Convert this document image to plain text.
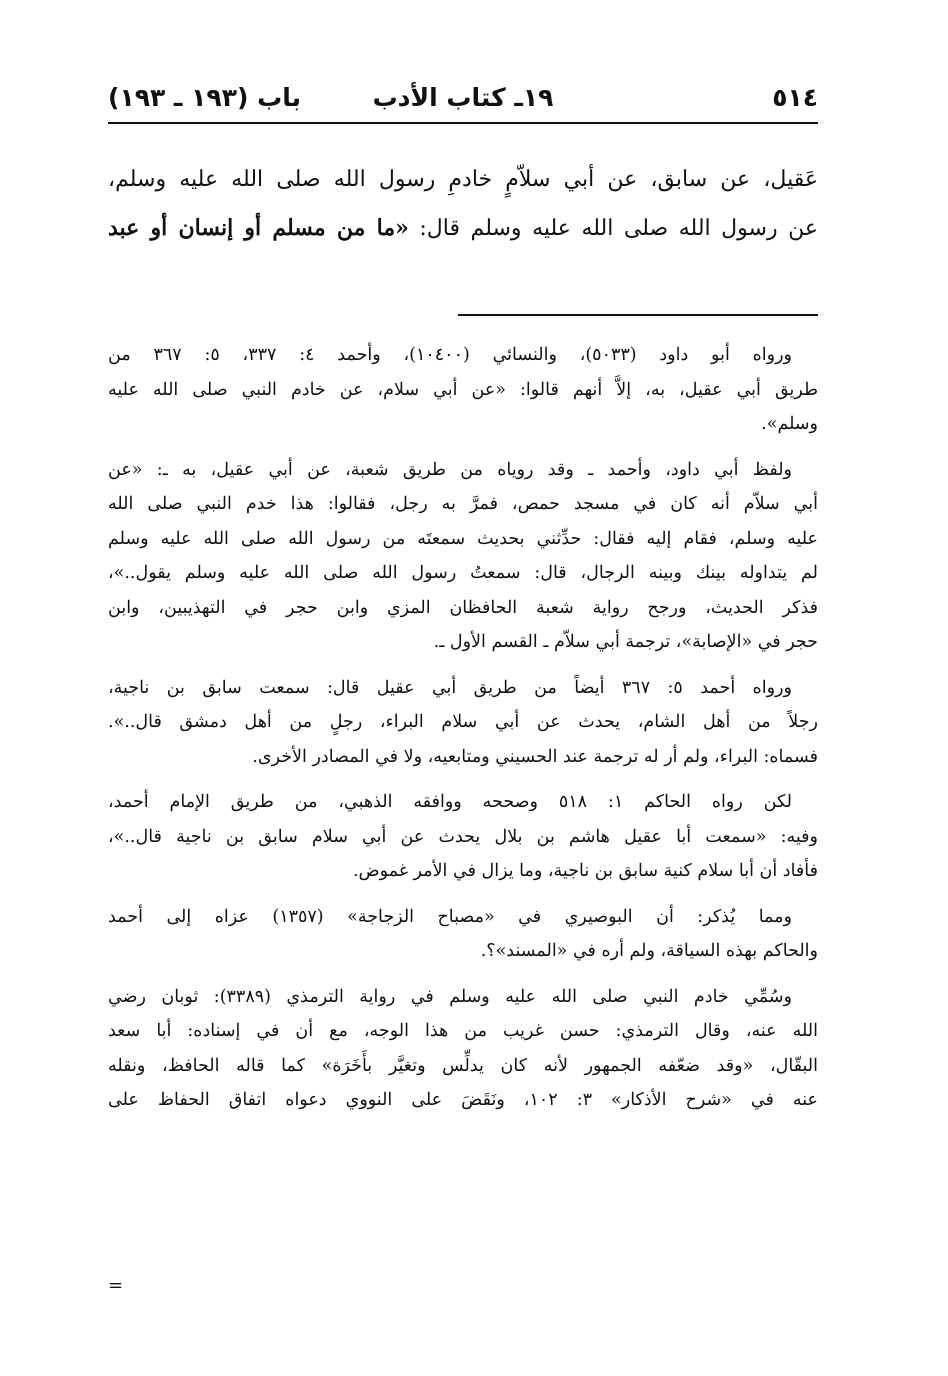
٥١٤
١٩ـ كتاب الأدب
باب (١٩٣ ـ ١٩٣)
عَقيل، عن سابق، عن أبي سلاّمٍ خادمِ رسول الله صلى الله عليه وسلم،
عن رسول الله صلى الله عليه وسلم قال: «ما من مسلم أو إنسان أو عبد
ورواه أبو داود (٥٠٣٣)، والنسائي (١٠٤٠٠)، وأحمد ٤: ٣٣٧، ٥: ٣٦٧ من
طريق أبي عقيل، به، إلاَّ أنهم قالوا: «عن أبي سلام، عن خادم النبي صلى الله عليه
وسلم».
ولفظ أبي داود، وأحمد ـ وقد روياه من طريق شعبة، عن أبي عقيل، به ـ: «عن
أبي سلاّم أنه كان في مسجد حمص، فمرَّ به رجل، فقالوا: هذا خدم النبي صلى الله
عليه وسلم، فقام إليه فقال: حدِّثني بحديث سمعتَه من رسول الله صلى الله عليه وسلم
لم يتداوله بينك وبينه الرجال، قال: سمعتُ رسول الله صلى الله عليه وسلم يقول..»،
فذكر الحديث، ورجح رواية شعبة الحافظان المزي وابن حجر في التهذيبين، وابن
حجر في «الإصابة»، ترجمة أبي سلاّم ـ القسم الأول ـ.
ورواه أحمد ٥: ٣٦٧ أيضاً من طريق أبي عقيل قال: سمعت سابق بن ناجية،
رجلاً من أهل الشام، يحدث عن أبي سلام البراء، رجلٍ من أهل دمشق قال..».
فسماه: البراء، ولم أر له ترجمة عند الحسيني ومتابعيه، ولا في المصادر الأخرى.
لكن رواه الحاكم ١: ٥١٨ وصححه ووافقه الذهبي، من طريق الإمام أحمد،
وفيه: «سمعت أبا عقيل هاشم بن بلال يحدث عن أبي سلام سابق بن ناجية قال..»،
فأفاد أن أبا سلام كنية سابق بن ناجية، وما يزال في الأمر غموض.
ومما يُذكر: أن البوصيري في «مصباح الزجاجة» (١٣٥٧) عزاه إلى أحمد
والحاكم بهذه السياقة، ولم أره في «المسند»؟.
وسُمِّي خادم النبي صلى الله عليه وسلم في رواية الترمذي (٣٣٨٩): ثوبان رضي
الله عنه، وقال الترمذي: حسن غريب من هذا الوجه، مع أن في إسناده: أبا سعد
البقّال، «وقد ضعّفه الجمهور لأنه كان يدلِّس وتغيَّر بأَخَرَة» كما قاله الحافظ، ونقله
عنه في «شرح الأذكار» ٣: ١٠٢، ونَقَضَ على النووي دعواه اتفاق الحفاظ على
=
